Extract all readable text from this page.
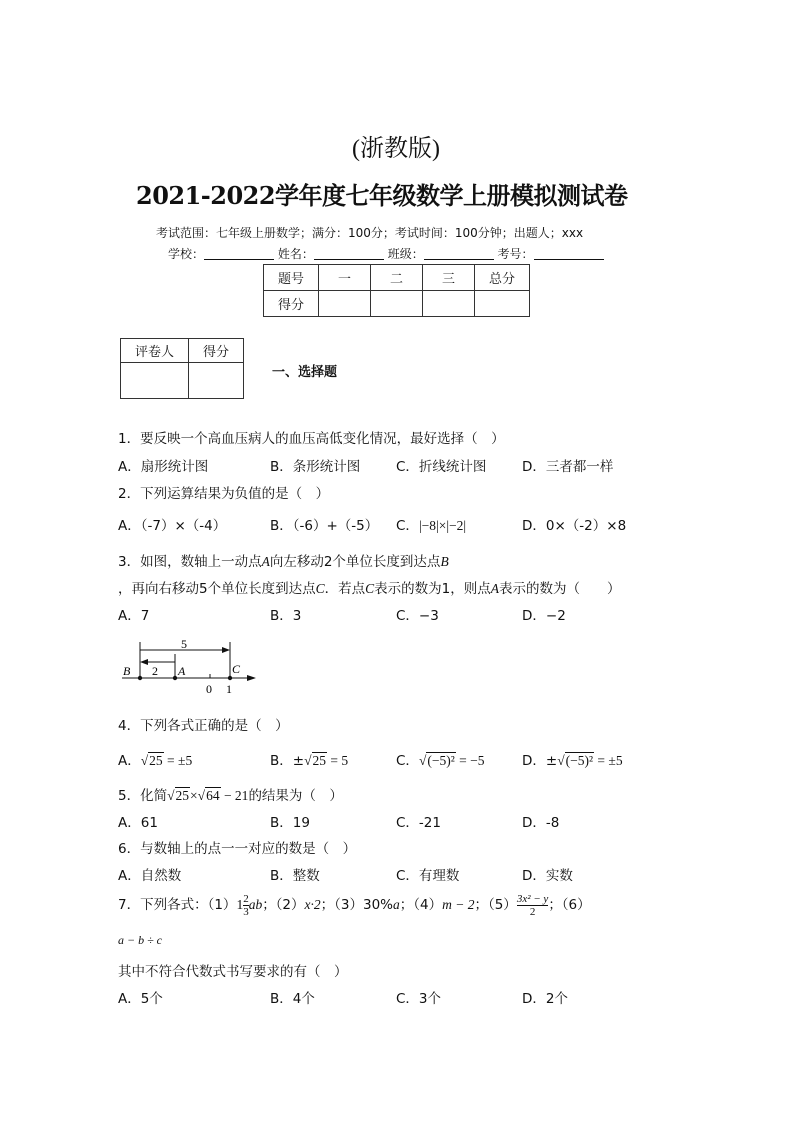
(浙教版)
2021-2022学年度七年级数学上册模拟测试卷
考试范围：七年级上册数学；满分：100分；考试时间：100分钟；出题人；xxx
学校：	姓名：	班级：	考号：
题号	一	二	三	总分
得分				
评卷人	得分

一、选择题
1．要反映一个高血压病人的血压高低变化情况，最好选择（　）
A．扇形统计图	B．条形统计图	C．折线统计图	D．三者都一样
2．下列运算结果为负值的是（　）
A．（-7）×（-4）	B．（-6）+（-5） C．|−8|×|−2|	D．0×（-2）×8
3．如图，数轴上一动点A向左移动2个单位长度到达点B
，再向右移动5个单位长度到达点C．若点C表示的数为1，则点A表示的数为（　　）
A．7	B．3	C．−3	D．−2
5
2
B	A	C
0 1
4．下列各式正确的是（　）
A．√25 = ±5	B．±√25 = 5	C．√(−5)² = −5	D．±√(−5)² = ±5
5．化简√25×√64 − 21的结果为（　）
A．61	B．19	C．-21	D．-8
6．与数轴上的点一一对应的数是（　）
A．自然数	B．整数	C．有理数	D．实数
7．下列各式：$(1)1 \frac{2}{3}$ ab；（2）x·2；（3）30%a；（4）m − 2；$(5) \frac{\text{3x² − y}}{2}$ ；（6）
a − b ÷ c
其中不符合代数式书写要求的有（　）
A．5个	B．4个	C．3个	D．2个
